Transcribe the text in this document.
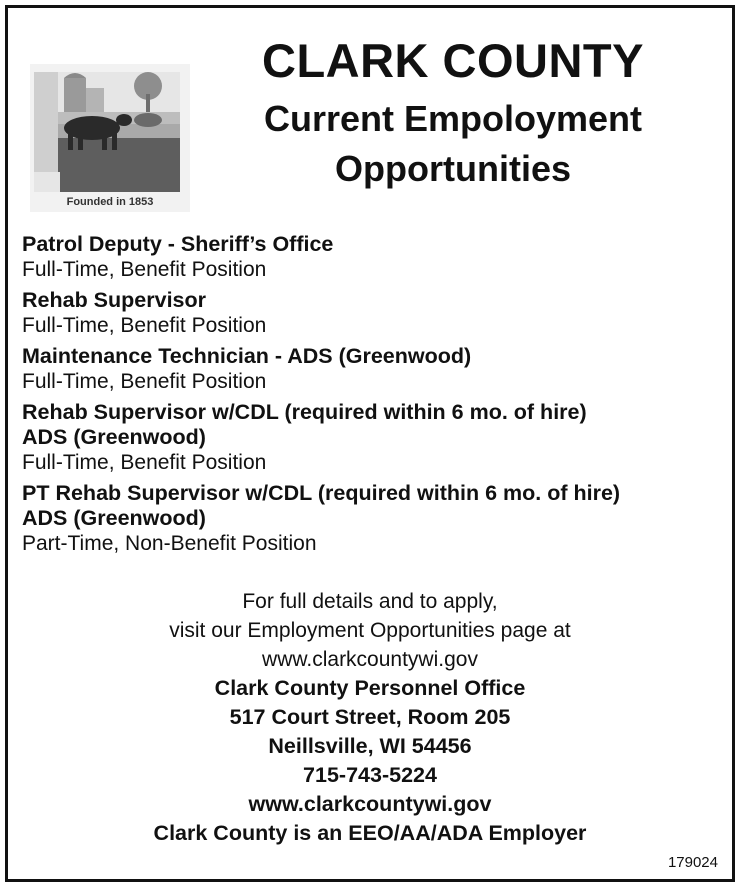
Founded in 1853
CLARK COUNTY
Current Empoloyment
Opportunities
Patrol Deputy - Sheriff’s Office
Full-Time, Benefit Position
Rehab Supervisor
Full-Time, Benefit Position
Maintenance Technician - ADS (Greenwood)
Full-Time, Benefit Position
Rehab Supervisor w/CDL (required within 6 mo. of hire)
ADS (Greenwood)
Full-Time, Benefit Position
PT Rehab Supervisor w/CDL (required within 6 mo. of hire)
ADS (Greenwood)
Part-Time, Non-Benefit Position
For full details and to apply,
visit our Employment Opportunities page at
www.clarkcountywi.gov
Clark County Personnel Office
517 Court Street, Room 205
Neillsville, WI 54456
715-743-5224
www.clarkcountywi.gov
Clark County is an EEO/AA/ADA Employer
179024
